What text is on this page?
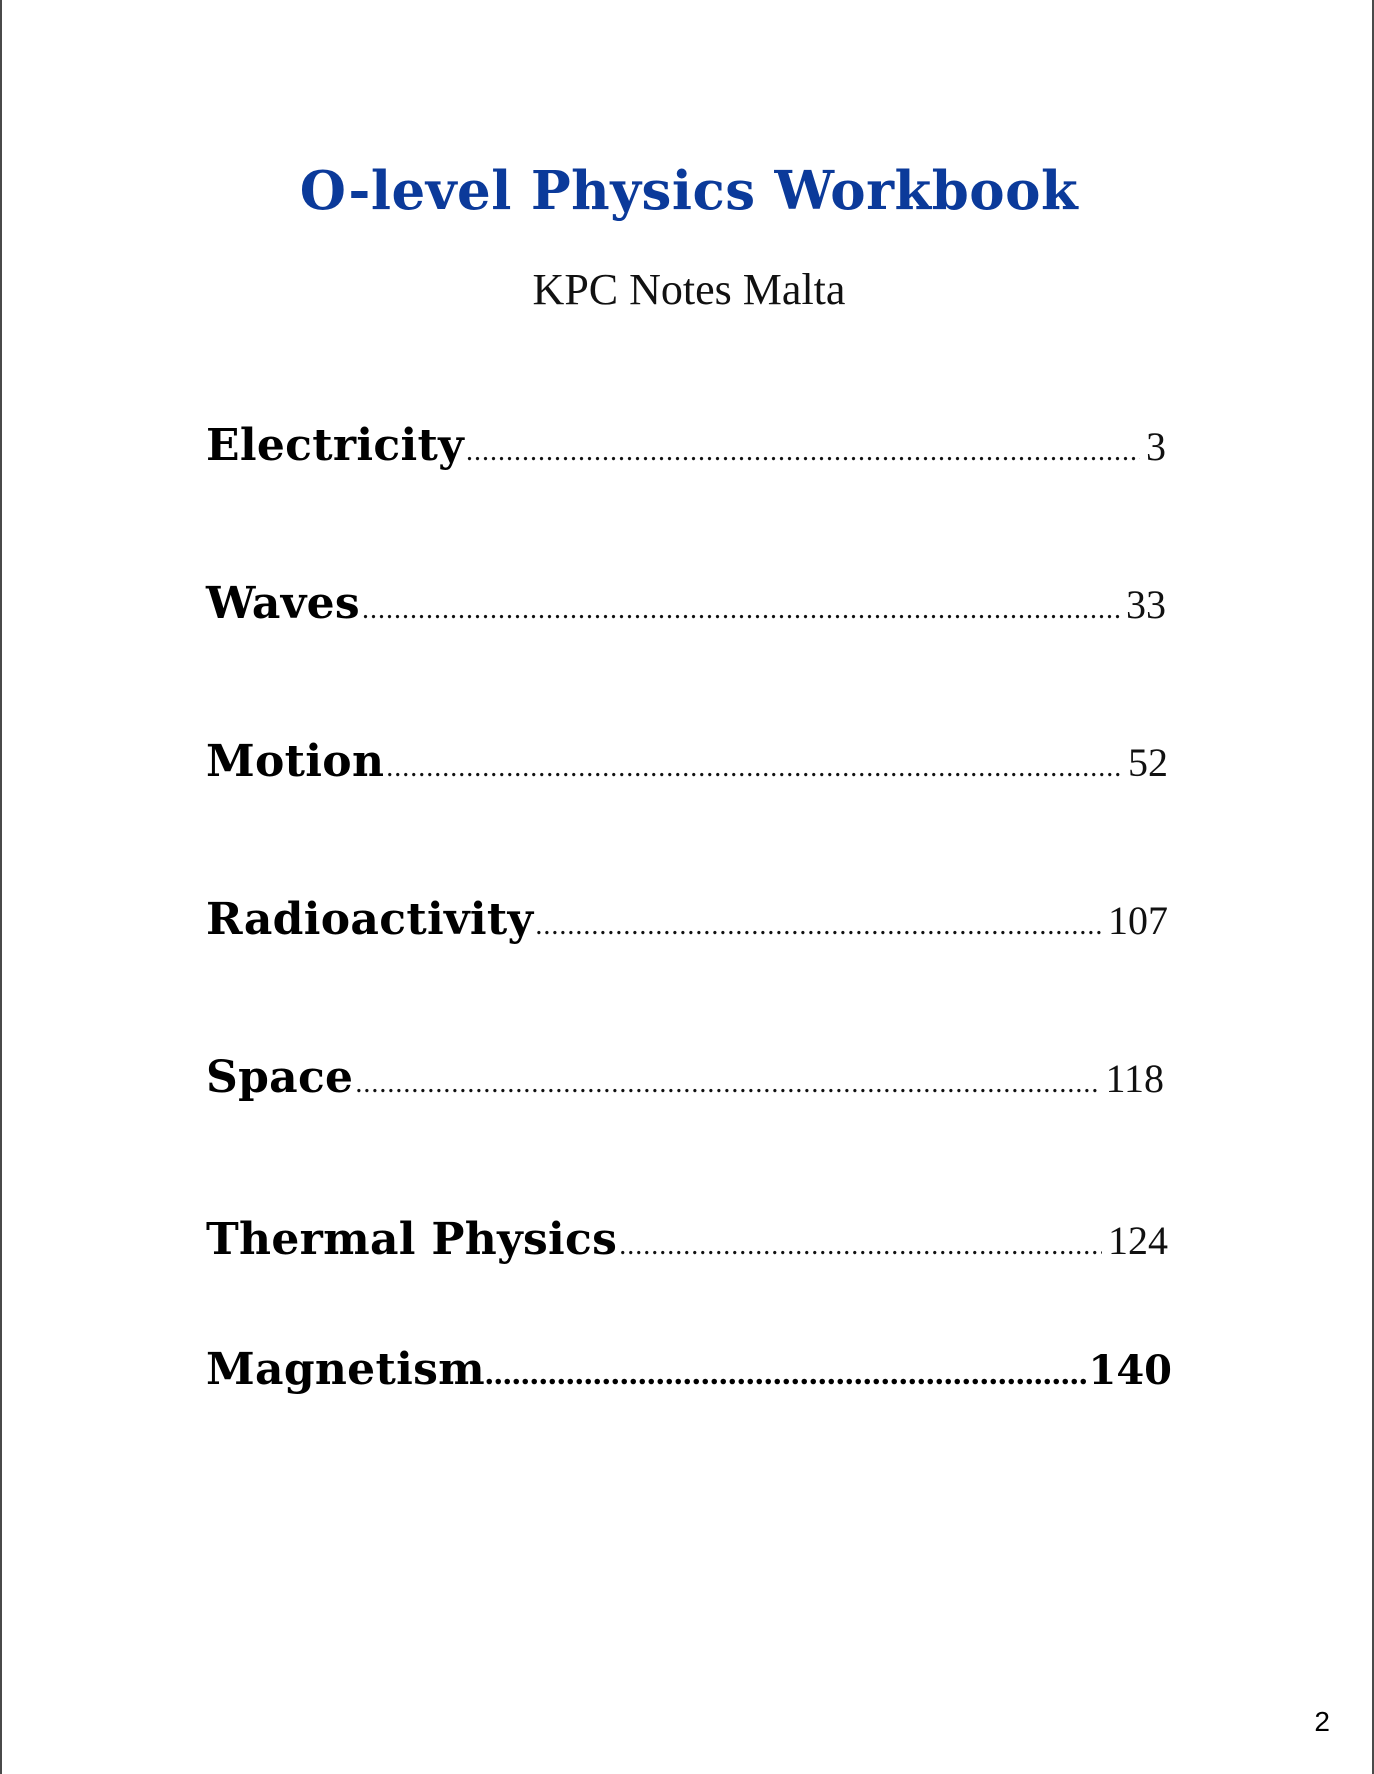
O-level Physics Workbook
KPC Notes Malta
Electricity .....	3
Waves .....	33
Motion .....	52
Radioactivity .....	107
Space .....	118
Thermal Physics .....	124
Magnetism .....	140
2
